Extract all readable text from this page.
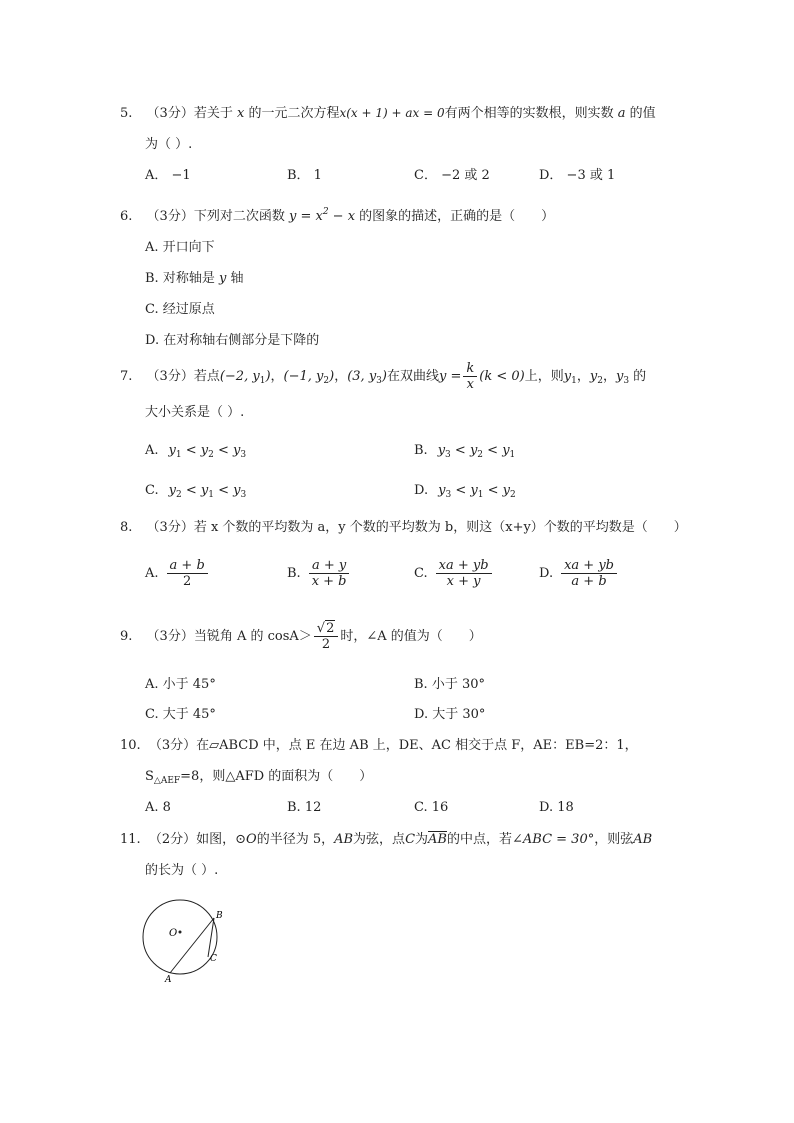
5. （3分）若关于 x 的一元二次方程x(x + 1) + ax = 0有两个相等的实数根，则实数 a 的值
为（ ）.
A． −1	B． 1	C． −2 或 2	D． −3 或 1
6. （3分）下列对二次函数 $y = x^2 - x$ 的图象的描述，正确的是（　　）
A. 开口向下
B. 对称轴是 y 轴
C. 经过原点
D. 在对称轴右侧部分是下降的
7. （3分）若点(−2, $y_1$)，(−1, $y_2$)，(3, $y_3$)在双曲线$y = \frac{k}{x} (k < 0)$上，则$y_1$，$y_2$，$y_3$ 的
大小关系是（ ）.
A. $y_1 < y_2 < y_3$	B. $y_3 < y_2 < y_1$
C. $y_2 < y_1 < y_3$	D. $y_3 < y_1 < y_2$
8. （3分）若 x 个数的平均数为 a，y 个数的平均数为 b，则这（x+y）个数的平均数是（　　）
A. $\frac{a + b}{2}$	B. $\frac{a + y}{x + b}$	C. $\frac{xa + yb}{x + y}$	D. $\frac{xa + yb}{a + b}$
9. （3分）当锐角 A 的 $\cos A> \frac{√2}{2}$ 时，∠A 的值为（　　）
A. 小于 45°	B. 小于 30°
C. 大于 45°	D. 大于 30°
10. （3分）在▱ABCD 中，点 E 在边 AB 上，DE、AC 相交于点 F，AE：EB=2：1，
$S_{\triangle AEF}=8$，则△AFD 的面积为（　　）
A. 8	B. 12	C. 16	D. 18
11. （2分）如图，⊙O的半径为 5，AB为弦，点C为$\overline{AB}$的中点，若∠ABC = 30°，则弦AB
的长为（ ）.
O
B
C
A
